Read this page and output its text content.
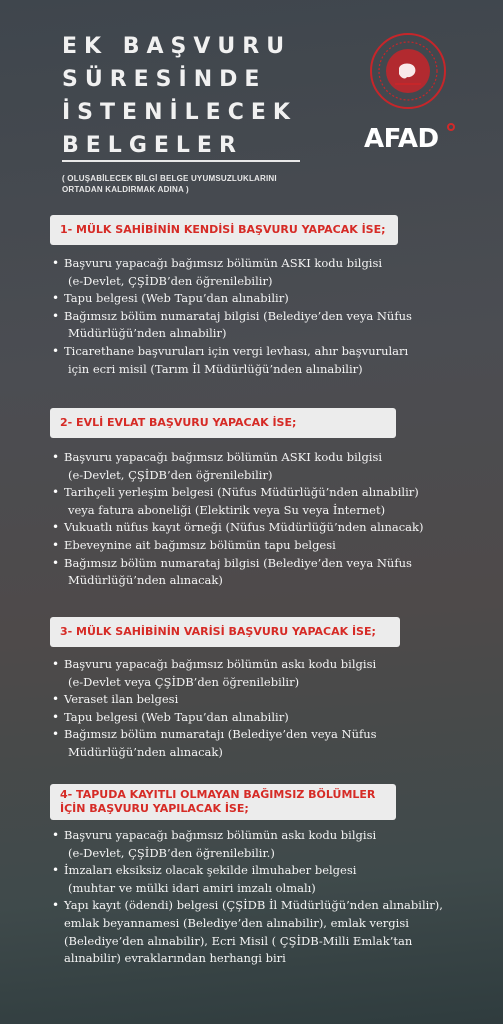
EK BAŞVURU
SÜRESİNDE
İSTENİLECEK
BELGELER
( OLUŞABİLECEK BİLGİ BELGE UYUMSUZLUKLARINI
ORTADAN KALDIRMAK ADINA )
AFAD
1- MÜLK SAHİBİNİN KENDİSİ BAŞVURU YAPACAK İSE;
• Başvuru yapacağı bağımsız bölümün ASKI kodu bilgisi
(e-Devlet, ÇŞİDB’den öğrenilebilir)
• Tapu belgesi (Web Tapu’dan alınabilir)
• Bağımsız bölüm numarataj bilgisi (Belediye’den veya Nüfus
Müdürlüğü’nden alınabilir)
• Ticarethane başvuruları için vergi levhası, ahır başvuruları
için ecri misil (Tarım İl Müdürlüğü’nden alınabilir)
2- EVLİ EVLAT BAŞVURU YAPACAK İSE;
• Başvuru yapacağı bağımsız bölümün ASKI kodu bilgisi
(e-Devlet, ÇŞİDB’den öğrenilebilir)
• Tarihçeli yerleşim belgesi (Nüfus Müdürlüğü’nden alınabilir)
veya fatura aboneliği (Elektirik veya Su veya İnternet)
• Vukuatlı nüfus kayıt örneği (Nüfus Müdürlüğü’nden alınacak)
• Ebeveynine ait bağımsız bölümün tapu belgesi
• Bağımsız bölüm numarataj bilgisi (Belediye’den veya Nüfus
Müdürlüğü’nden alınacak)
3- MÜLK SAHİBİNİN VARİSİ BAŞVURU YAPACAK İSE;
• Başvuru yapacağı bağımsız bölümün askı kodu bilgisi
(e-Devlet veya ÇŞİDB’den öğrenilebilir)
• Veraset ilan belgesi
• Tapu belgesi (Web Tapu’dan alınabilir)
• Bağımsız bölüm numaratajı (Belediye’den veya Nüfus
Müdürlüğü’nden alınacak)
4- TAPUDA KAYITLI OLMAYAN BAĞIMSIZ BÖLÜMLER
İÇİN BAŞVURU YAPILACAK İSE;
• Başvuru yapacağı bağımsız bölümün askı kodu bilgisi
(e-Devlet, ÇŞİDB’den öğrenilebilir.)
• İmzaları eksiksiz olacak şekilde ilmuhaber belgesi
(muhtar ve mülki idari amiri imzalı olmalı)
• Yapı kayıt (ödendi) belgesi (ÇŞİDB İl Müdürlüğü’nden alınabilir),
emlak beyannamesi (Belediye’den alınabilir), emlak vergisi
(Belediye’den alınabilir), Ecri Misil ( ÇŞİDB-Milli Emlak’tan
alınabilir) evraklarından herhangi biri
